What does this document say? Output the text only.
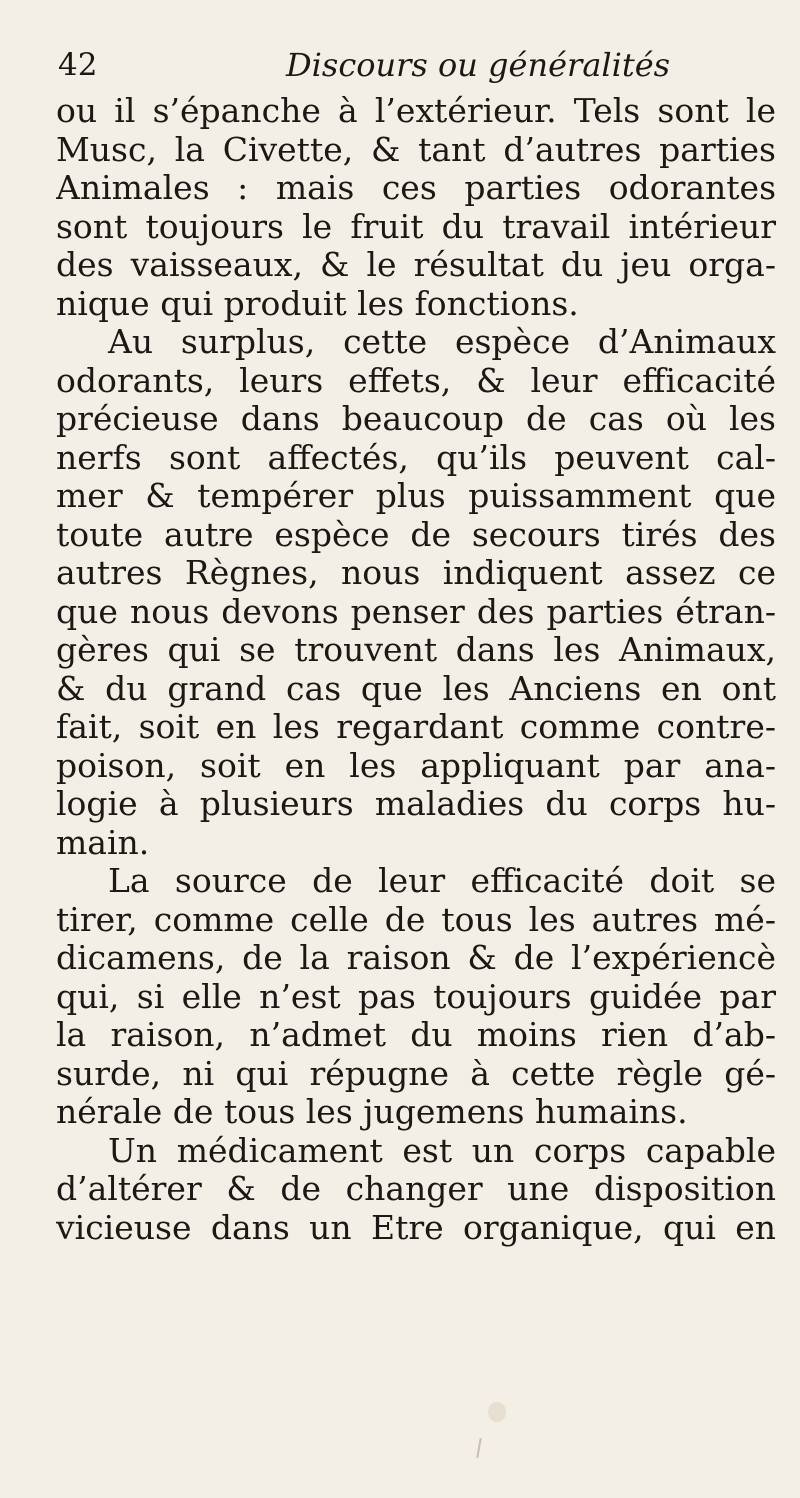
42	Discours ou généralités
ou il s’épanche à l’extérieur. Tels sont le
Musc, la Civette, & tant d’autres parties
Animales : mais ces parties odorantes
sont toujours le fruit du travail intérieur
des vaisseaux, & le résultat du jeu orga-
nique qui produit les fonctions.
Au surplus, cette espèce d’Animaux
odorants, leurs effets, & leur efficacité
précieuse dans beaucoup de cas où les
nerfs sont affectés, qu’ils peuvent cal-
mer & tempérer plus puissamment que
toute autre espèce de secours tirés des
autres Règnes, nous indiquent assez ce
que nous devons penser des parties étran-
gères qui se trouvent dans les Animaux,
& du grand cas que les Anciens en ont
fait, soit en les regardant comme contre-
poison, soit en les appliquant par ana-
logie à plusieurs maladies du corps hu-
main.
La source de leur efficacité doit se
tirer, comme celle de tous les autres mé-
dicamens, de la raison & de l’expériencè
qui, si elle n’est pas toujours guidée par
la raison, n’admet du moins rien d’ab-
surde, ni qui répugne à cette règle gé-
nérale de tous les jugemens humains.
Un médicament est un corps capable
d’altérer & de changer une disposition
vicieuse dans un Etre organique, qui en
